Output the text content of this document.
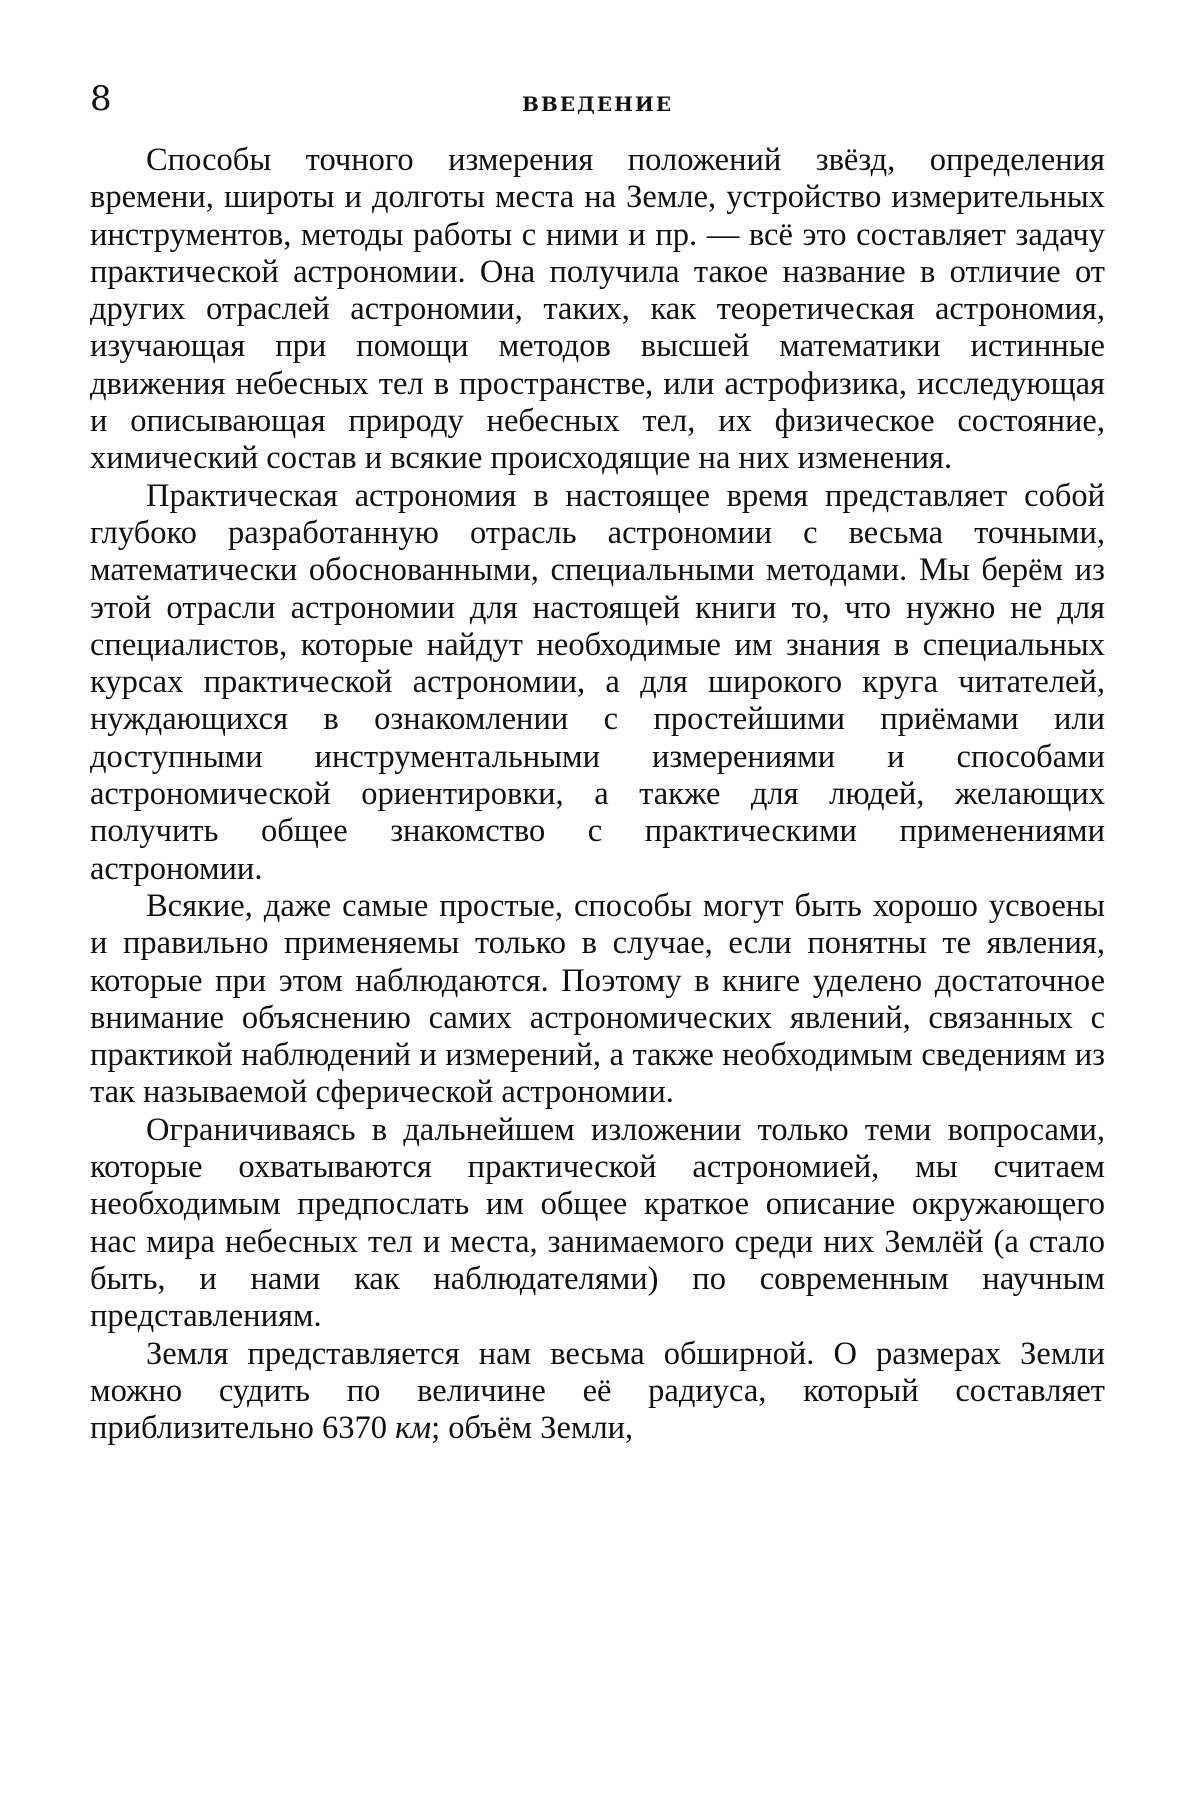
8	ВВЕДЕНИЕ

Способы точного измерения положений звёзд, определения времени, широты и долготы места на Земле, устройство измерительных инструментов, методы работы с ними и пр. — всё это составляет задачу практической астрономии. Она получила такое название в отличие от других отраслей астрономии, таких, как теоретическая астрономия, изучающая при помощи методов высшей математики истинные движения небесных тел в пространстве, или астрофизика, исследующая и описывающая природу небесных тел, их физическое состояние, химический состав и всякие происходящие на них изменения.

Практическая астрономия в настоящее время представляет собой глубоко разработанную отрасль астрономии с весьма точными, математически обоснованными, специальными методами. Мы берём из этой отрасли астрономии для настоящей книги то, что нужно не для специалистов, которые найдут необходимые им знания в специальных курсах практической астрономии, а для широкого круга читателей, нуждающихся в ознакомлении с простейшими приёмами или доступными инструментальными измерениями и способами астрономической ориентировки, а также для людей, желающих получить общее знакомство с практическими применениями астрономии.

Всякие, даже самые простые, способы могут быть хорошо усвоены и правильно применяемы только в случае, если понятны те явления, которые при этом наблюдаются. Поэтому в книге уделено достаточное внимание объяснению самих астрономических явлений, связанных с практикой наблюдений и измерений, а также необходимым сведениям из так называемой сферической астрономии.

Ограничиваясь в дальнейшем изложении только теми вопросами, которые охватываются практической астрономией, мы считаем необходимым предпослать им общее краткое описание окружающего нас мира небесных тел и места, занимаемого среди них Землёй (а стало быть, и нами как наблюдателями) по современным научным представлениям.

Земля представляется нам весьма обширной. О размерах Земли можно судить по величине её радиуса, который составляет приблизительно 6370 км; объём Земли,
